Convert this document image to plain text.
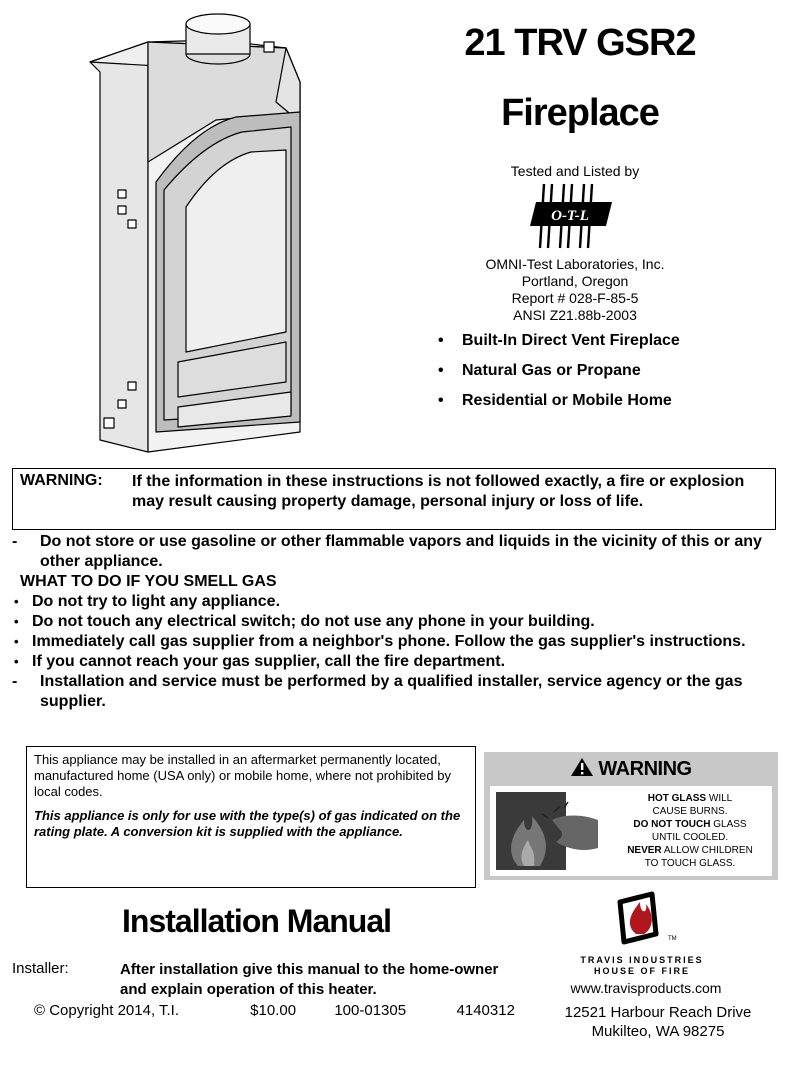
21 TRV GSR2
Fireplace
Tested and Listed by
O-T-L
OMNI-Test Laboratories, Inc.
Portland, Oregon
Report # 028-F-85-5
ANSI Z21.88b-2003
• Built-In Direct Vent Fireplace
• Natural Gas or Propane
• Residential or Mobile Home
WARNING: If the information in these instructions is not followed exactly, a fire or explosion may result causing property damage, personal injury or loss of life.
- Do not store or use gasoline or other flammable vapors and liquids in the vicinity of this or any other appliance.
WHAT TO DO IF YOU SMELL GAS
• Do not try to light any appliance.
• Do not touch any electrical switch; do not use any phone in your building.
• Immediately call gas supplier from a neighbor's phone. Follow the gas supplier's instructions.
• If you cannot reach your gas supplier, call the fire department.
- Installation and service must be performed by a qualified installer, service agency or the gas supplier.
This appliance may be installed in an aftermarket permanently located, manufactured home (USA only) or mobile home, where not prohibited by local codes.
This appliance is only for use with the type(s) of gas indicated on the rating plate. A conversion kit is supplied with the appliance.
WARNING
HOT GLASS WILL
CAUSE BURNS.
DO NOT TOUCH GLASS
UNTIL COOLED.
NEVER ALLOW CHILDREN
TO TOUCH GLASS.
Installation Manual
Installer:	After installation give this manual to the home-owner and explain operation of this heater.
© Copyright 2014, T.I.	$10.00	100-01305	4140312
TM
TRAVIS INDUSTRIES
HOUSE OF FIRE
www.travisproducts.com
12521 Harbour Reach Drive
Mukilteo, WA 98275
